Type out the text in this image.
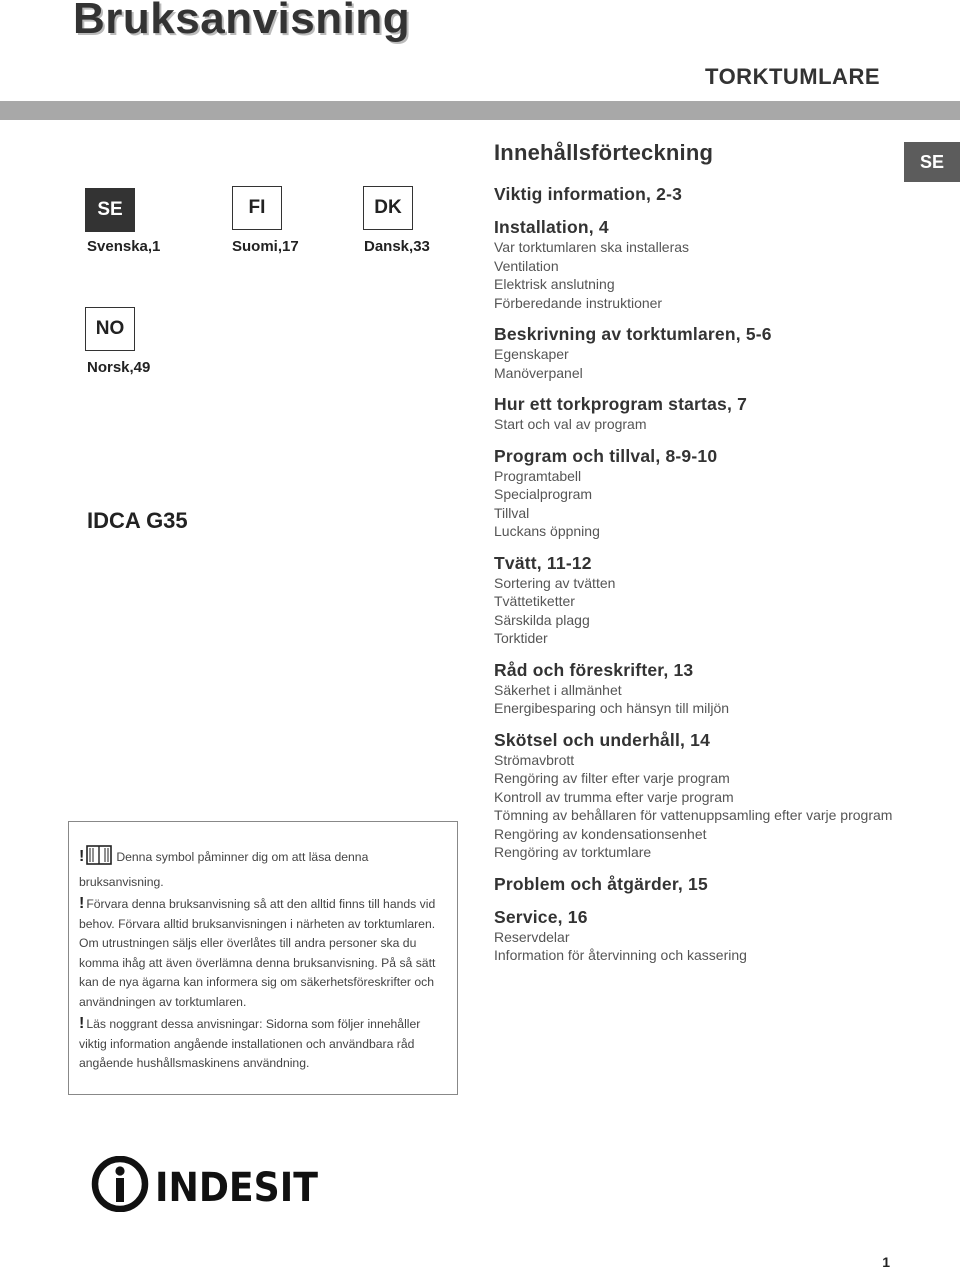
Bruksanvisning
TORKTUMLARE
SE
SE
Svenska,1
FI
Suomi,17
DK
Dansk,33
NO
Norsk,49
IDCA G35

!	Denna symbol påminner dig om att läsa denna bruksanvisning.

! Förvara denna bruksanvisning så att den alltid finns till hands vid behov. Förvara alltid bruksanvisningen i närheten av torktumlaren. Om utrustningen säljs eller överlåtes till andra personer ska du komma ihåg att även överlämna denna bruksanvisning. På så sätt kan de nya ägarna kan informera sig om säkerhetsföreskrifter och användningen av torktumlaren.

! Läs noggrant dessa anvisningar: Sidorna som följer innehåller viktig information angående installationen och användbara råd angående hushållsmaskinens användning.

Innehållsförteckning
Viktig information, 2-3
Installation, 4
Var torktumlaren ska installeras
Ventilation
Elektrisk anslutning
Förberedande instruktioner
Beskrivning av torktumlaren, 5-6
Egenskaper
Manöverpanel
Hur ett torkprogram startas, 7
Start och val av program
Program och tillval, 8-9-10
Programtabell
Specialprogram
Tillval
Luckans öppning
Tvätt, 11-12
Sortering av tvätten
Tvättetiketter
Särskilda plagg
Torktider
Råd och föreskrifter, 13
Säkerhet i allmänhet
Energibesparing och hänsyn till miljön
Skötsel och underhåll, 14
Strömavbrott
Rengöring av filter efter varje program
Kontroll av trumma efter varje program
Tömning av behållaren för vattenuppsamling efter varje program
Rengöring av kondensationsenhet
Rengöring av torktumlare
Problem och åtgärder, 15
Service, 16
Reservdelar
Information för återvinning och kassering
INDESIT
1
